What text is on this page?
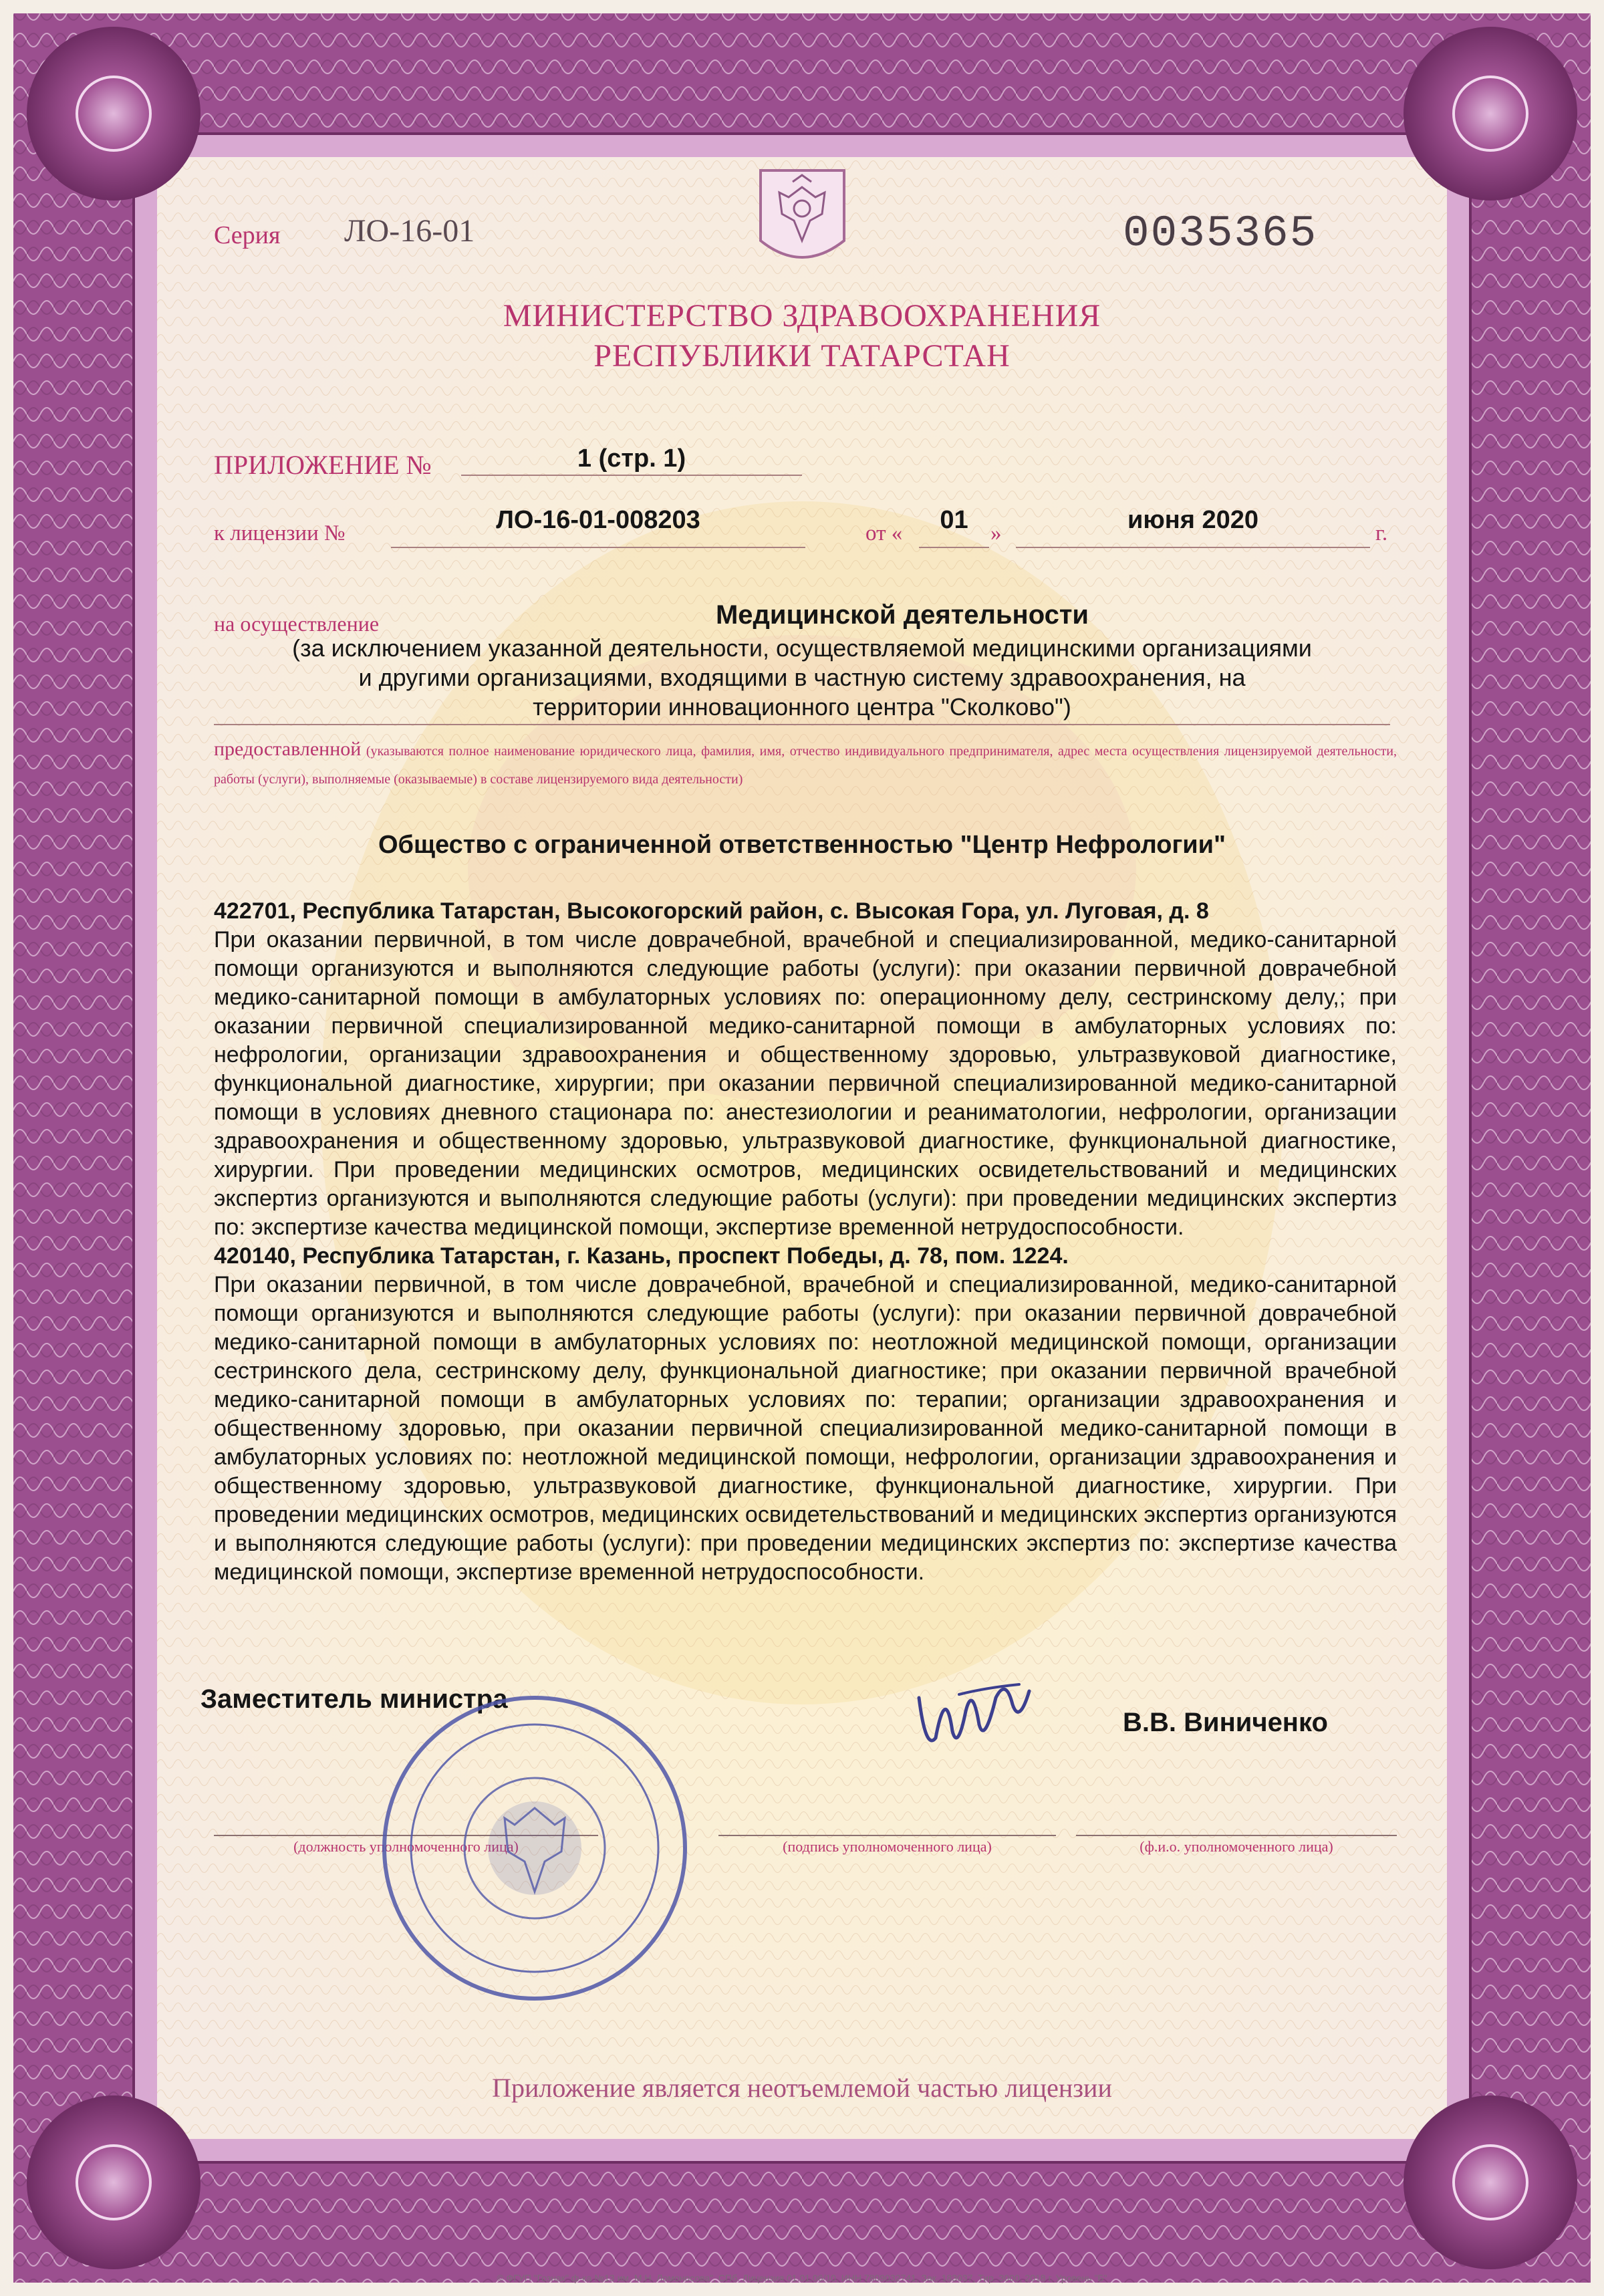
Серия ЛО-16-01	0035365
МИНИСТЕРСТВО ЗДРАВООХРАНЕНИЯ
РЕСПУБЛИКИ ТАТАРСТАН
ПРИЛОЖЕНИЕ №	1 (стр. 1)
к лицензии №	ЛО-16-01-008203	от «	01	»	июня 2020	г.
на осуществление	Медицинской деятельности
(за исключением указанной деятельности, осуществляемой медицинскими организациями
и другими организациями, входящими в частную систему здравоохранения, на
территории инновационного центра "Сколково")
предоставленной (указываются полное наименование юридического лица, фамилия, имя, отчество индивидуального предпринимателя, адрес места осуществления лицензируемой деятельности, работы (услуги), выполняемые (оказываемые) в составе лицензируемого вида деятельности)
Общество с ограниченной ответственностью "Центр Нефрологии"

422701, Республика Татарстан, Высокогорский район, с. Высокая Гора, ул. Луговая, д. 8

При оказании первичной, в том числе доврачебной, врачебной и специализированной, медико-санитарной помощи организуются и выполняются следующие работы (услуги): при оказании первичной доврачебной медико-санитарной помощи в амбулаторных условиях по: операционному делу, сестринскому делу,; при оказании первичной специализированной медико-санитарной помощи в амбулаторных условиях по: нефрологии, организации здравоохранения и общественному здоровью, ультразвуковой диагностике, функциональной диагностике, хирургии; при оказании первичной специализированной медико-санитарной помощи в условиях дневного стационара по: анестезиологии и реаниматологии, нефрологии, организации здравоохранения и общественному здоровью, ультразвуковой диагностике, функциональной диагностике, хирургии. При проведении медицинских осмотров, медицинских освидетельствований и медицинских экспертиз организуются и выполняются следующие работы (услуги): при проведении медицинских экспертиз по: экспертизе качества медицинской помощи, экспертизе временной нетрудоспособности.

420140, Республика Татарстан, г. Казань, проспект Победы, д. 78, пом. 1224.

При оказании первичной, в том числе доврачебной, врачебной и специализированной, медико-санитарной помощи организуются и выполняются следующие работы (услуги): при оказании первичной доврачебной медико-санитарной помощи в амбулаторных условиях по: неотложной медицинской помощи, организации сестринского дела, сестринскому делу, функциональной диагностике; при оказании первичной врачебной медико-санитарной помощи в амбулаторных условиях по: терапии; организации здравоохранения и общественному здоровью, при оказании первичной специализированной медико-санитарной помощи в амбулаторных условиях по: неотложной медицинской помощи, нефрологии, организации здравоохранения и общественному здоровью, ультразвуковой диагностике, функциональной диагностике, хирургии. При проведении медицинских осмотров, медицинских освидетельствований и медицинских экспертиз организуются и выполняются следующие работы (услуги): при проведении медицинских экспертиз по: экспертизе качества медицинской помощи, экспертизе временной нетрудоспособности.

Заместитель министра
В.В. Виниченко
(должность уполномоченного лица)	(подпись уполномоченного лица)	(ф.и.о. уполномоченного лица)
Приложение является неотъемлемой частью лицензии
© ФГУП "Гознак" ф-ка №13 им. М.Н. Ломоносова", СПб. Лицензия 01.01.06/10, ИНН 7809032741, Зак. 183037, Тир. 3000, 2018 г. Уровень "Б"
